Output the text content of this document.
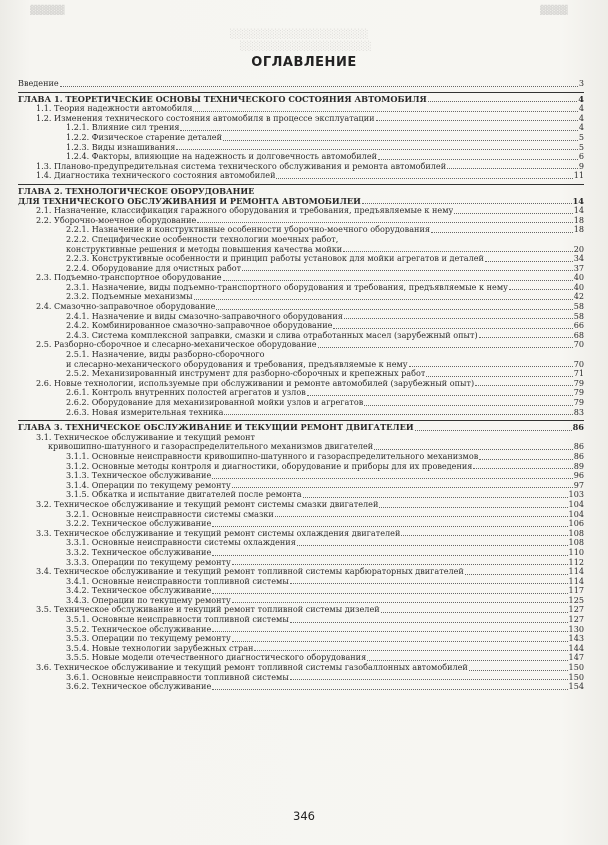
▓▓▓▓▓
░░░░░░░░░░░░░░░░░░░░
░░░░░░░░░░░░░░░░░░░
▓▓▓▓
ОГЛАВЛЕНИЕ
Введение	3
ГЛАВА 1. ТЕОРЕТИЧЕСКИЕ ОСНОВЫ ТЕХНИЧЕСКОГО СОСТОЯНИЯ АВТОМОБИЛЯ	4
1.1. Теория надежности автомобиля	4
1.2. Изменения технического состояния автомобиля в процессе эксплуатации	4
1.2.1. Влияние сил трения	4
1.2.2. Физическое старение деталей	5
1.2.3. Виды изнашивания	5
1.2.4. Факторы, влияющие на надежность и долговечность автомобилей	6
1.3. Планово-предупредительная система технического обслуживания и ремонта автомобилей	9
1.4. Диагностика технического состояния автомобилей	11
ГЛАВА 2. ТЕХНОЛОГИЧЕСКОЕ ОБОРУДОВАНИЕ
ДЛЯ ТЕХНИЧЕСКОГО ОБСЛУЖИВАНИЯ И РЕМОНТА АВТОМОБИЛЕЙ	14
2.1. Назначение, классификация гаражного оборудования и требования, предъявляемые к нему	14
2.2. Уборочно-моечное оборудование	18
2.2.1. Назначение и конструктивные особенности уборочно-моечного оборудования	18
2.2.2. Специфические особенности технологии моечных работ,
конструктивные решения и методы повышения качества мойки	20
2.2.3. Конструктивные особенности и принцип работы установок для мойки агрегатов и деталей	34
2.2.4. Оборудование для очистных работ	37
2.3. Подъемно-транспортное оборудование	40
2.3.1. Назначение, виды подъемно-транспортного оборудования и требования, предъявляемые к нему	40
2.3.2. Подъемные механизмы	42
2.4. Смазочно-заправочное оборудование	58
2.4.1. Назначение и виды смазочно-заправочного оборудования	58
2.4.2. Комбинированное смазочно-заправочное оборудование	66
2.4.3. Система комплексной заправки, смазки и слива отработанных масел (зарубежный опыт)	68
2.5. Разборно-сборочное и слесарно-механическое оборудование	70
2.5.1. Назначение, виды разборно-сборочного
и слесарно-механического оборудования и требования, предъявляемые к нему	70
2.5.2. Механизированный инструмент для разборно-сборочных и крепежных работ	71
2.6. Новые технологии, используемые при обслуживании и ремонте автомобилей (зарубежный опыт)	79
2.6.1. Контроль внутренних полостей агрегатов и узлов	79
2.6.2. Оборудование для механизированной мойки узлов и агрегатов	79
2.6.3. Новая измерительная техника	83
ГЛАВА 3. ТЕХНИЧЕСКОЕ ОБСЛУЖИВАНИЕ И ТЕКУЩИЙ РЕМОНТ ДВИГАТЕЛЕЙ	86
3.1. Техническое обслуживание и текущий ремонт
кривошипно-шатунного и газораспределительного механизмов двигателей	86
3.1.1. Основные неисправности кривошипно-шатунного и газораспределительного механизмов	86
3.1.2. Основные методы контроля и диагностики, оборудование и приборы для их проведения	89
3.1.3. Техническое обслуживание	96
3.1.4. Операции по текущему ремонту	97
3.1.5. Обкатка и испытание двигателей после ремонта	103
3.2. Техническое обслуживание и текущий ремонт системы смазки двигателей	104
3.2.1. Основные неисправности системы смазки	104
3.2.2. Техническое обслуживание	106
3.3. Техническое обслуживание и текущий ремонт системы охлаждения двигателей	108
3.3.1. Основные неисправности системы охлаждения	108
3.3.2. Техническое обслуживание	110
3.3.3. Операции по текущему ремонту	112
3.4. Техническое обслуживание и текущий ремонт топливной системы карбюраторных двигателей	114
3.4.1. Основные неисправности топливной системы	114
3.4.2. Техническое обслуживание	117
3.4.3. Операции по текущему ремонту	125
3.5. Техническое обслуживание и текущий ремонт топливной системы дизелей	127
3.5.1. Основные неисправности топливной системы	127
3.5.2. Техническое обслуживание	130
3.5.3. Операции по текущему ремонту	143
3.5.4. Новые технологии зарубежных стран	144
3.5.5. Новые модели отечественного диагностического оборудования	147
3.6. Техническое обслуживание и текущий ремонт топливной системы газобаллонных автомобилей	150
3.6.1. Основные неисправности топливной системы	150
3.6.2. Техническое обслуживание	154
346
